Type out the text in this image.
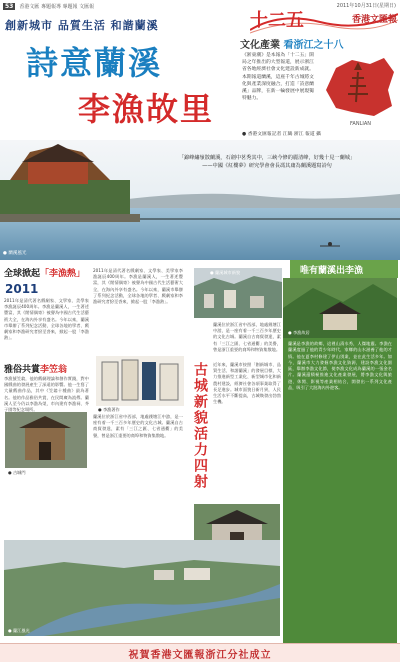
53	香港文匯 專題報導 專題報 文匯報	2011年10月31日(星期日)
創新城市 品質生活 和諧蘭溪
詩意蘭溪
李漁故里
十二五	香港文匯報
文化產業 看浙江之十八
《浙東潮》是本報為「十二五」開局之年推出的大型報道，展示浙江省各地經濟社會文化建設新成就。本期報道蘭溪，這座千年古城將文化與產業深度融合，打造「詩意蘭溪」品牌，在新一輪發展中展現獨特魅力。
● 香港文匯報記者 江鶴 浙江 報道 攝
FANLIAN
「錦峰繡嶺散蘭溪，石劍中茗秀其中，三峽今修的麗清峰，好幾十見一蘭城」
——中國《紅樓夢》研究學會會長馮其庸為蘭溪題寫詩句
● 蘭溪風光
全球掀起「李漁熱」
2011
2011年是清代著名戲劇家、文學家、美學家李漁誕辰400周年。李漁是蘭溪人，一生著述豐富，其《閒情偶寄》被譽為中國古代生活藝術大全，在海內外享有盛名。今年以來，蘭溪市舉辦了系列紀念活動，全球各地的學者、戲劇家和李漁研究者紛至沓來，掀起一股「李漁熱」。
2011年是清代著名戲劇家、文學家、美學家李漁誕辰400周年。李漁是蘭溪人，一生著述豐富，其《閒情偶寄》被譽為中國古代生活藝術大全，在海內外享有盛名。今年以來，蘭溪市舉辦了系列紀念活動，全球各地的學者、戲劇家和李漁研究者紛至沓來，掀起一股「李漁熱」。
雅俗共賞李笠翁
李漁號笠翁，他的戲劇理論和創作實踐，對中國戲曲的發展產生了深遠的影響。他一生寫了大量戲曲作品，其中《笠翁十種曲》最為著名。他的作品雅俗共賞，在民間廣為流傳。蘭溪人至今仍以李漁為榮，市內建有李漁祠、芥子園等紀念場所。	● 李漁著作
蘭溪位於浙江省中西部，地處錢塘江中游，是一座有着一千三百多年歷史的文化古城。蘭溪自古商貿發達，素有「三江之匯、七省通衢」的美譽，曾是浙江重要的商埠和物資集散地。
● 蘭溪城市新貌
蘭溪位於浙江省中西部，地處錢塘江中游，是一座有着一千三百多年歷史的文化古城。蘭溪自古商貿發達，素有「三江之匯、七省通衢」的美譽，曾是浙江重要的商埠和物資集散地。
古城新貌活力四射	近年來，蘭溪市按照「創新城市、品質生活、和諧蘭溪」的發展目標，大力推進新型工業化、新型城市化和新農村建設，經濟社會各項事業取得了長足進步。城市面貌日新月異，人民生活水平不斷提高，古城煥發出勃勃生機。
● 古城門
● 蘭江風光
唯有蘭溪出李漁
● 李漁故居
蘭溪是李漁的故鄉，這裡山清水秀，人傑地靈。李漁在蘭溪度過了他的青少年時代，家鄉的山水滋養了他的才情。他在夏李村修建了伊山別業，並在此生活多年。如今，蘭溪市大力發掘李漁文化資源，建設李漁文化園區，舉辦李漁文化節，使李漁文化成為蘭溪的一張金名片。蘭溪還積極推進文化產業發展，將李漁文化與旅遊、休閒、影視等產業相結合，開發出一系列文化產品，吸引了大批海內外遊客。
祝賀香港文匯報浙江分社成立
